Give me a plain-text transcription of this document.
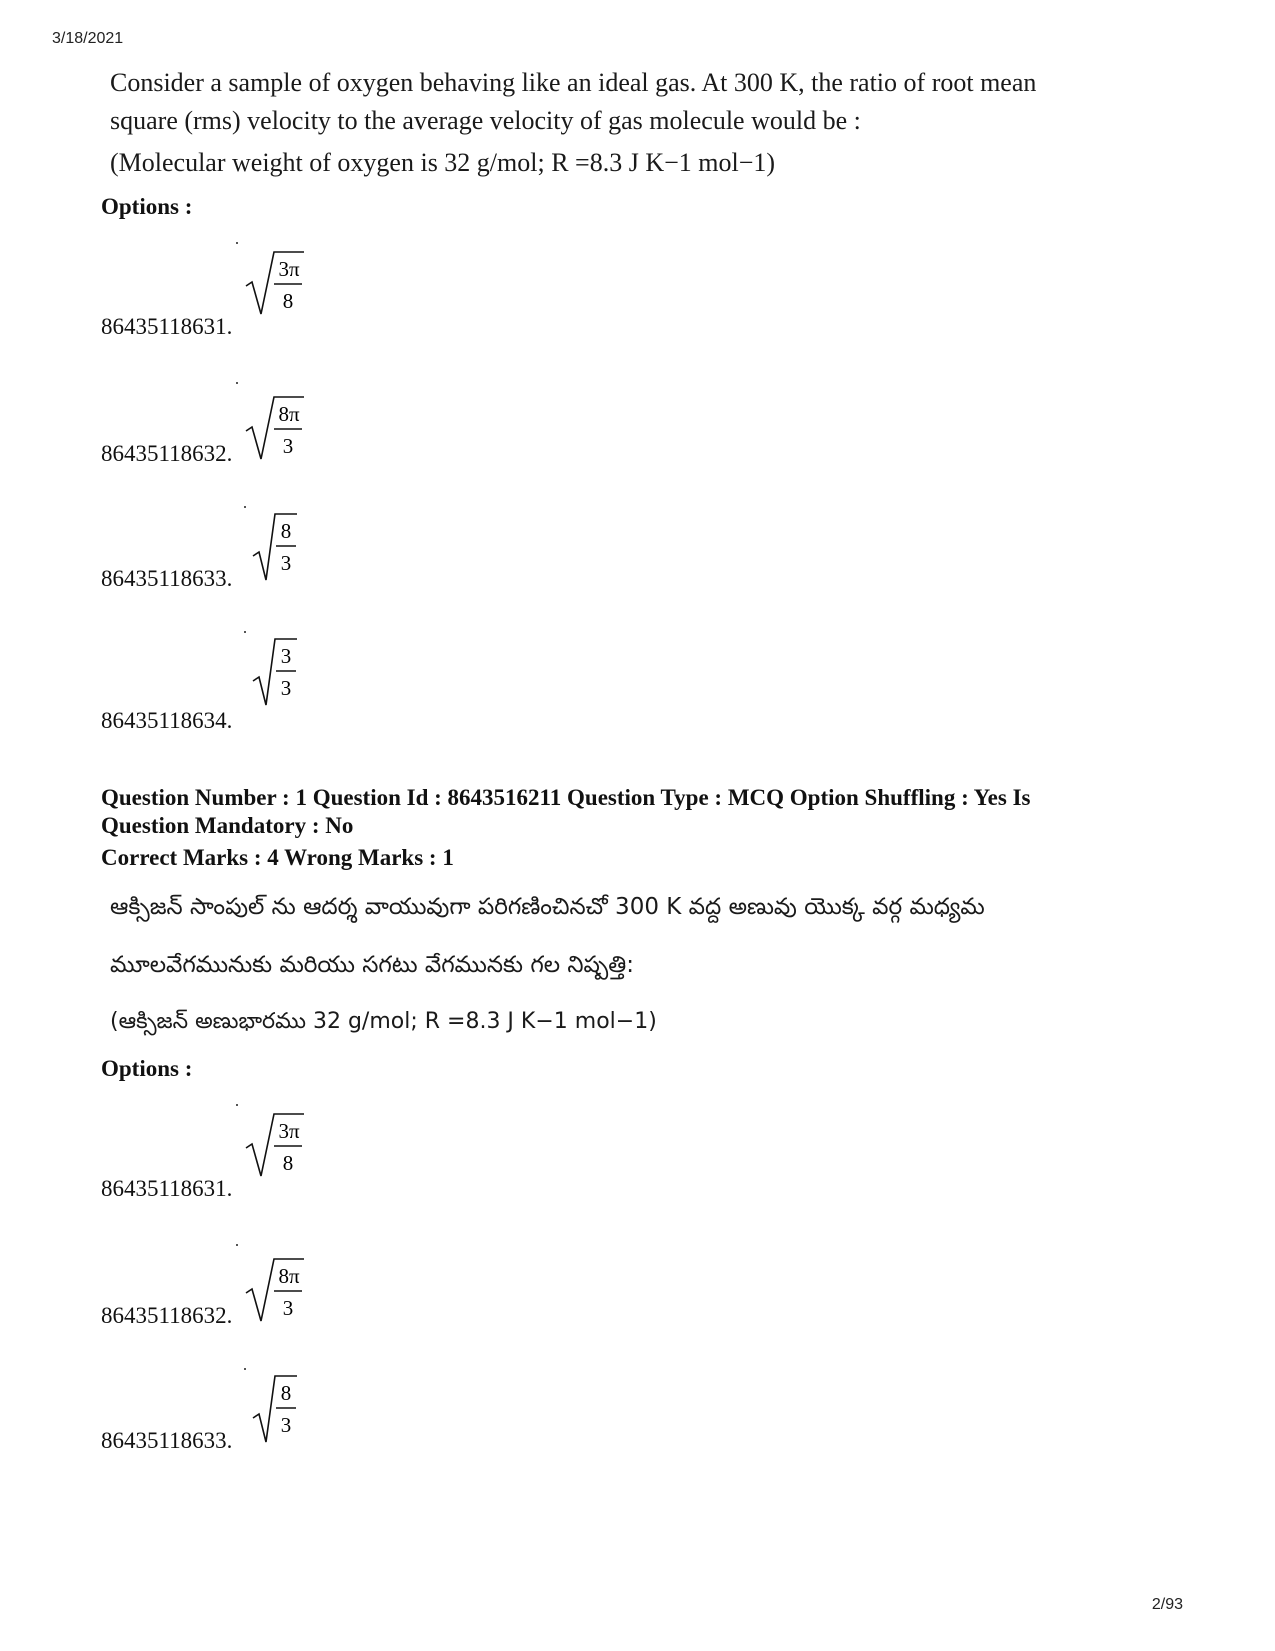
3/18/2021

Consider a sample of oxygen behaving like an ideal gas. At 300 K, the ratio of root mean

square (rms) velocity to the average velocity of gas molecule would be :

(Molecular weight of oxygen is 32 g/mol; R =8.3 J K−1 mol−1)

Options :
3π
8
86435118631.
8π
3
86435118632.
8
3
86435118633.
3
3
86435118634.
Question Number : 1 Question Id : 8643516211 Question Type : MCQ Option Shuffling : Yes Is
Question Mandatory : No
Correct Marks : 4 Wrong Marks : 1

ఆక్సిజన్ సాంపుల్ ను ఆదర్శ వాయువుగా పరిగణించినచో 300 K వద్ద అణువు యొక్క వర్గ మధ్యమ

మూలవేగమునుకు మరియు సగటు వేగమునకు గల నిష్పత్తి:

(ఆక్సిజన్ అణుభారము 32 g/mol; R =8.3 J K−1 mol−1)

Options :
3π
8
86435118631.
8π
3
86435118632.
8
3
86435118633.
2/93
